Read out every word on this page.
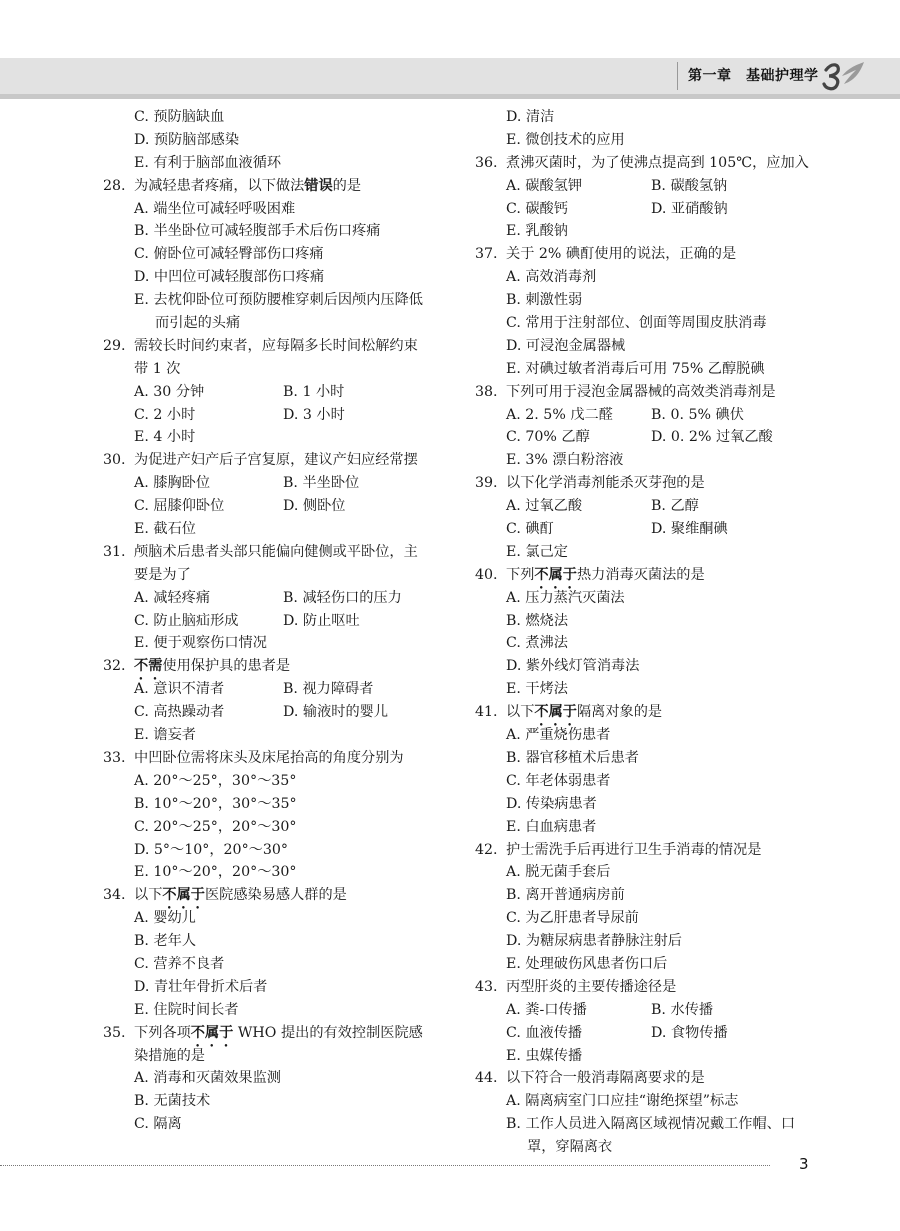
第一章　基础护理学
C. 预防脑缺血
D. 预防脑部感染
E. 有利于脑部血液循环
28. 为减轻患者疼痛，以下做法错误的是
A. 端坐位可减轻呼吸困难
B. 半坐卧位可减轻腹部手术后伤口疼痛
C. 俯卧位可减轻臀部伤口疼痛
D. 中凹位可减轻腹部伤口疼痛
E. 去枕仰卧位可预防腰椎穿刺后因颅内压降低
而引起的头痛
29. 需较长时间约束者，应每隔多长时间松解约束
带 1 次
A. 30 分钟	B. 1 小时
C. 2 小时	D. 3 小时
E. 4 小时
30. 为促进产妇产后子宫复原，建议产妇应经常摆
A. 膝胸卧位	B. 半坐卧位
C. 屈膝仰卧位	D. 侧卧位
E. 截石位
31. 颅脑术后患者头部只能偏向健侧或平卧位，主
要是为了
A. 减轻疼痛	B. 减轻伤口的压力
C. 防止脑疝形成	D. 防止呕吐
E. 便于观察伤口情况
32. 不需使用保护具的患者是
A. 意识不清者	B. 视力障碍者
C. 高热躁动者	D. 输液时的婴儿
E. 谵妄者
33. 中凹卧位需将床头及床尾抬高的角度分别为
A. 20°～25°，30°～35°
B. 10°～20°，30°～35°
C. 20°～25°，20°～30°
D. 5°～10°，20°～30°
E. 10°～20°，20°～30°
34. 以下不属于医院感染易感人群的是
A. 婴幼儿
B. 老年人
C. 营养不良者
D. 青壮年骨折术后者
E. 住院时间长者
35. 下列各项不属于 WHO 提出的有效控制医院感
染措施的是
A. 消毒和灭菌效果监测
B. 无菌技术
C. 隔离
D. 清洁
E. 微创技术的应用
36. 煮沸灭菌时，为了使沸点提高到 105℃，应加入
A. 碳酸氢钾	B. 碳酸氢钠
C. 碳酸钙	D. 亚硝酸钠
E. 乳酸钠
37. 关于 2% 碘酊使用的说法，正确的是
A. 高效消毒剂
B. 刺激性弱
C. 常用于注射部位、创面等周围皮肤消毒
D. 可浸泡金属器械
E. 对碘过敏者消毒后可用 75% 乙醇脱碘
38. 下列可用于浸泡金属器械的高效类消毒剂是
A. 2. 5% 戊二醛	B. 0. 5% 碘伏
C. 70% 乙醇	D. 0. 2% 过氧乙酸
E. 3% 漂白粉溶液
39. 以下化学消毒剂能杀灭芽孢的是
A. 过氧乙酸	B. 乙醇
C. 碘酊	D. 聚维酮碘
E. 氯己定
40. 下列不属于热力消毒灭菌法的是
A. 压力蒸汽灭菌法
B. 燃烧法
C. 煮沸法
D. 紫外线灯管消毒法
E. 干烤法
41. 以下不属于隔离对象的是
A. 严重烧伤患者
B. 器官移植术后患者
C. 年老体弱患者
D. 传染病患者
E. 白血病患者
42. 护士需洗手后再进行卫生手消毒的情况是
A. 脱无菌手套后
B. 离开普通病房前
C. 为乙肝患者导尿前
D. 为糖尿病患者静脉注射后
E. 处理破伤风患者伤口后
43. 丙型肝炎的主要传播途径是
A. 粪-口传播	B. 水传播
C. 血液传播	D. 食物传播
E. 虫媒传播
44. 以下符合一般消毒隔离要求的是
A. 隔离病室门口应挂“谢绝探望”标志
B. 工作人员进入隔离区域视情况戴工作帽、口
罩，穿隔离衣
3
